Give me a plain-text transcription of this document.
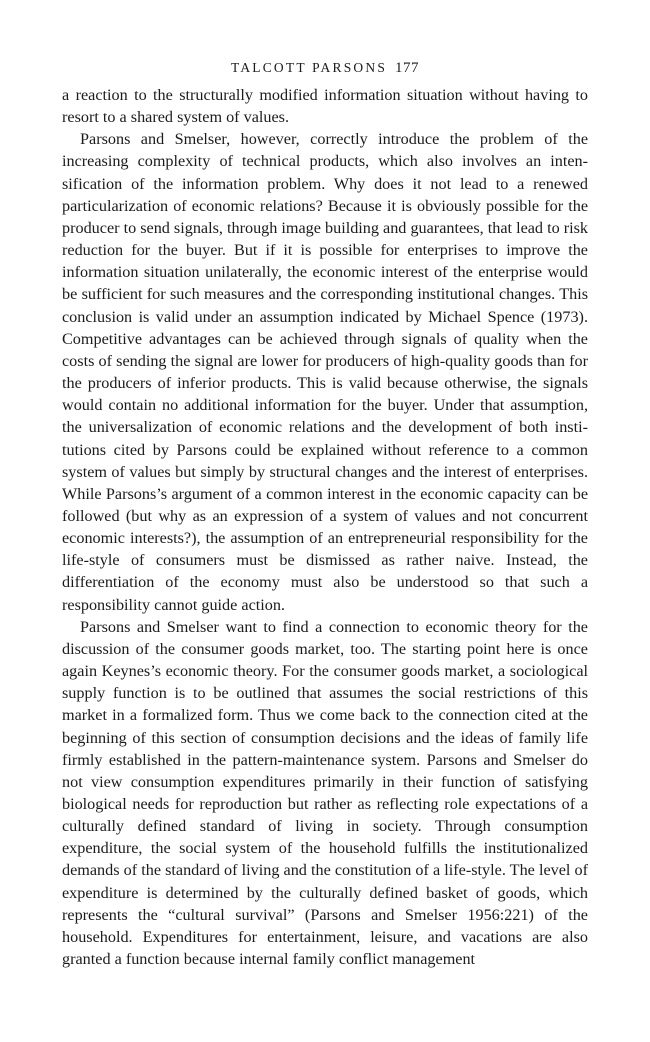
TALCOTT PARSONS 177

a reaction to the structurally modified information situation without having to resort to a shared system of values.

Parsons and Smelser, however, correctly introduce the problem of the increasing complexity of technical products, which also involves an intensification of the information problem. Why does it not lead to a renewed particularization of economic relations? Because it is obviously possible for the producer to send signals, through image building and guarantees, that lead to risk reduction for the buyer. But if it is possible for enterprises to improve the information situation unilaterally, the economic interest of the enterprise would be sufficient for such measures and the corresponding institutional changes. This conclusion is valid under an assumption indicated by Michael Spence (1973). Competitive advantages can be achieved through signals of quality when the costs of sending the signal are lower for producers of high-quality goods than for the producers of inferior products. This is valid because otherwise, the signals would contain no additional information for the buyer. Under that assumption, the universalization of economic relations and the development of both institutions cited by Parsons could be explained without reference to a common system of values but simply by structural changes and the interest of enterprises. While Parsons’s argument of a common interest in the economic capacity can be followed (but why as an expression of a system of values and not concurrent economic interests?), the assumption of an entrepreneurial responsibility for the life-style of consumers must be dismissed as rather naive. Instead, the differentiation of the economy must also be understood so that such a responsibility cannot guide action.

Parsons and Smelser want to find a connection to economic theory for the discussion of the consumer goods market, too. The starting point here is once again Keynes’s economic theory. For the consumer goods market, a sociological supply function is to be outlined that assumes the social restrictions of this market in a formalized form. Thus we come back to the connection cited at the beginning of this section of consumption decisions and the ideas of family life firmly established in the pattern-maintenance system. Parsons and Smelser do not view consumption expenditures primarily in their function of satisfying biological needs for reproduction but rather as reflecting role expectations of a culturally defined standard of living in society. Through consumption expenditure, the social system of the household fulfills the institutionalized demands of the standard of living and the constitution of a life-style. The level of expenditure is determined by the culturally defined basket of goods, which represents the “cultural survival” (Parsons and Smelser 1956:221) of the household. Expenditures for entertainment, leisure, and vacations are also granted a function because internal family conflict management
